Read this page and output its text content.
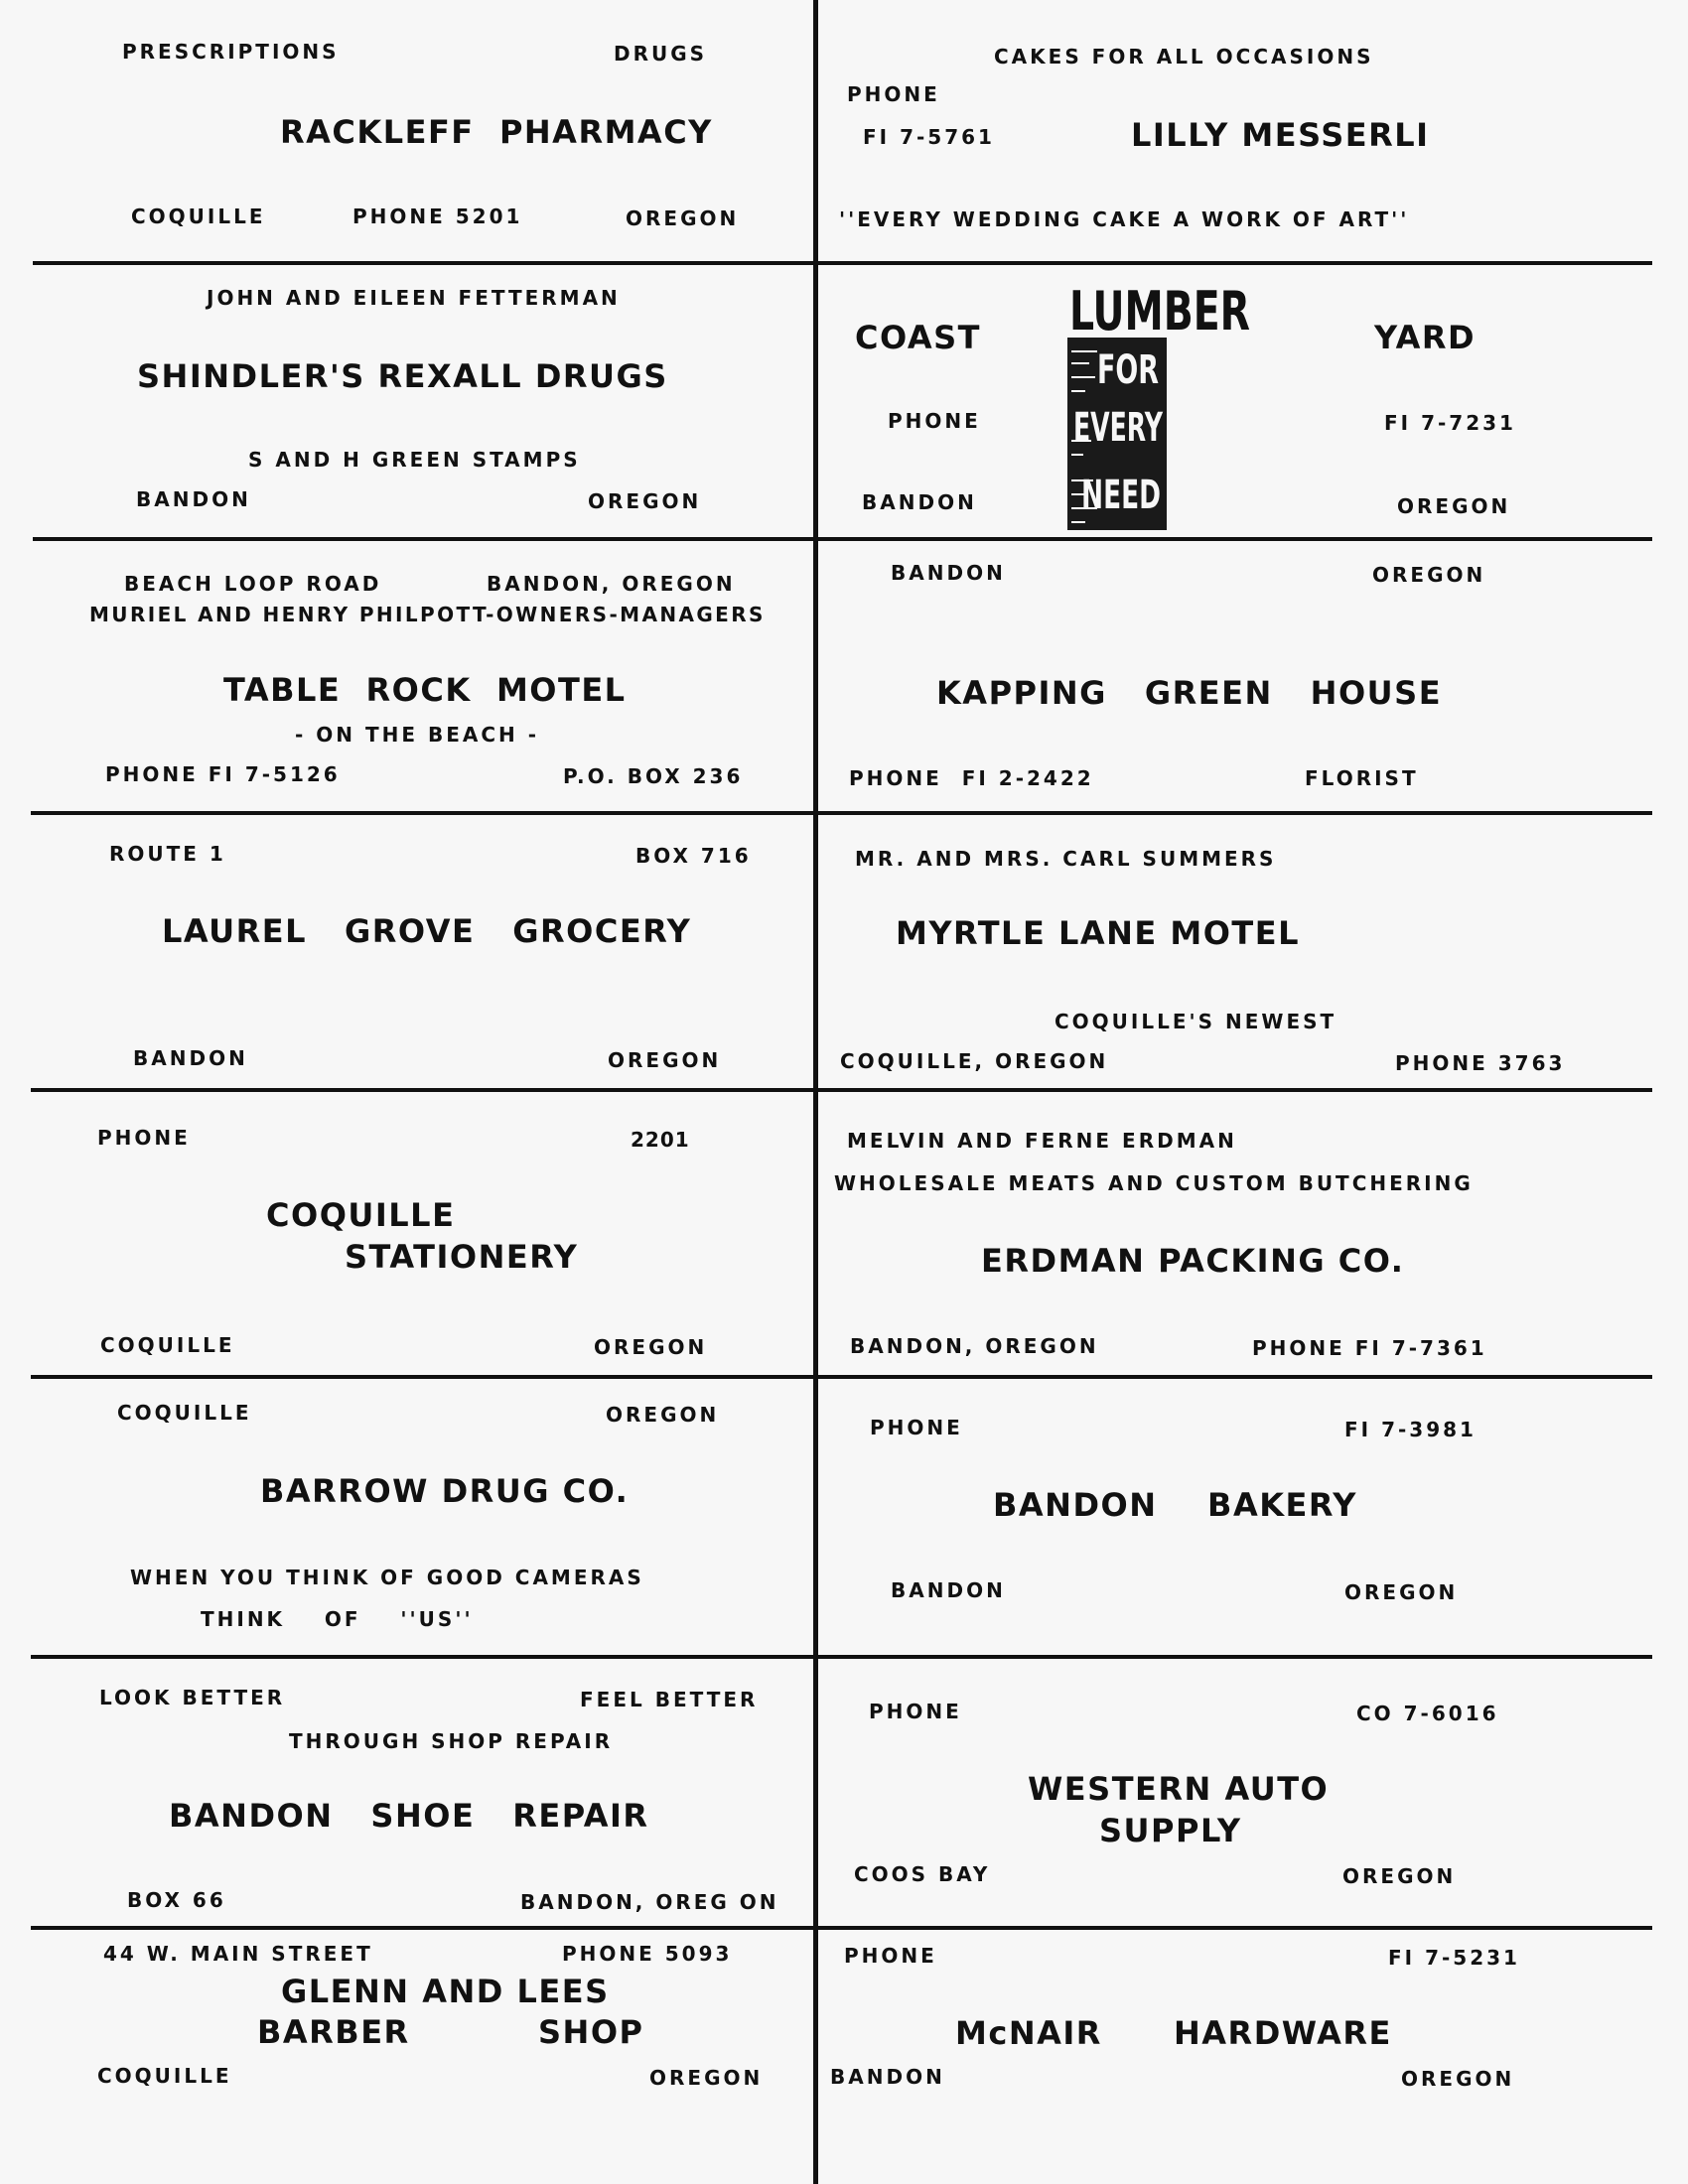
PRESCRIPTIONS	DRUGS
RACKLEFF  PHARMACY
COQUILLE	PHONE 5201	OREGON
JOHN AND EILEEN FETTERMAN
SHINDLER'S REXALL DRUGS
S AND H GREEN STAMPS
BANDON	OREGON
BEACH LOOP ROAD	BANDON, OREGON
MURIEL AND HENRY PHILPOTT-OWNERS-MANAGERS
TABLE  ROCK  MOTEL
- ON THE BEACH -
PHONE FI 7-5126	P.O. BOX 236
ROUTE 1	BOX 716
LAUREL   GROVE   GROCERY
BANDON	OREGON
PHONE	2201
COQUILLE
STATIONERY
COQUILLE	OREGON
COQUILLE	OREGON
BARROW DRUG CO.
WHEN YOU THINK OF GOOD CAMERAS
THINK    OF    ''US''
LOOK BETTER	FEEL BETTER
THROUGH SHOP REPAIR
BANDON   SHOE   REPAIR
BOX 66	BANDON, OREG ON
44 W. MAIN STREET	PHONE 5093
GLENN AND LEES
BARBER	SHOP
COQUILLE	OREGON
CAKES FOR ALL OCCASIONS
PHONE
FI 7-5761	LILLY MESSERLI
''EVERY WEDDING CAKE A WORK OF ART''
COAST	YARD
PHONE	FI 7-7231
BANDON	OREGON
LUMBER
FOR
EVERY
NEED
BANDON	OREGON
KAPPING   GREEN   HOUSE
PHONE  FI 2-2422	FLORIST
MR. AND MRS. CARL SUMMERS
MYRTLE LANE MOTEL
COQUILLE'S NEWEST
COQUILLE, OREGON	PHONE 3763
MELVIN AND FERNE ERDMAN
WHOLESALE MEATS AND CUSTOM BUTCHERING
ERDMAN PACKING CO.
BANDON, OREGON	PHONE FI 7-7361
PHONE	FI 7-3981
BANDON    BAKERY
BANDON	OREGON
PHONE	CO 7-6016
WESTERN AUTO
SUPPLY
COOS BAY	OREGON
PHONE	FI 7-5231
McNAIR HARDWARE
BANDON	OREGON
